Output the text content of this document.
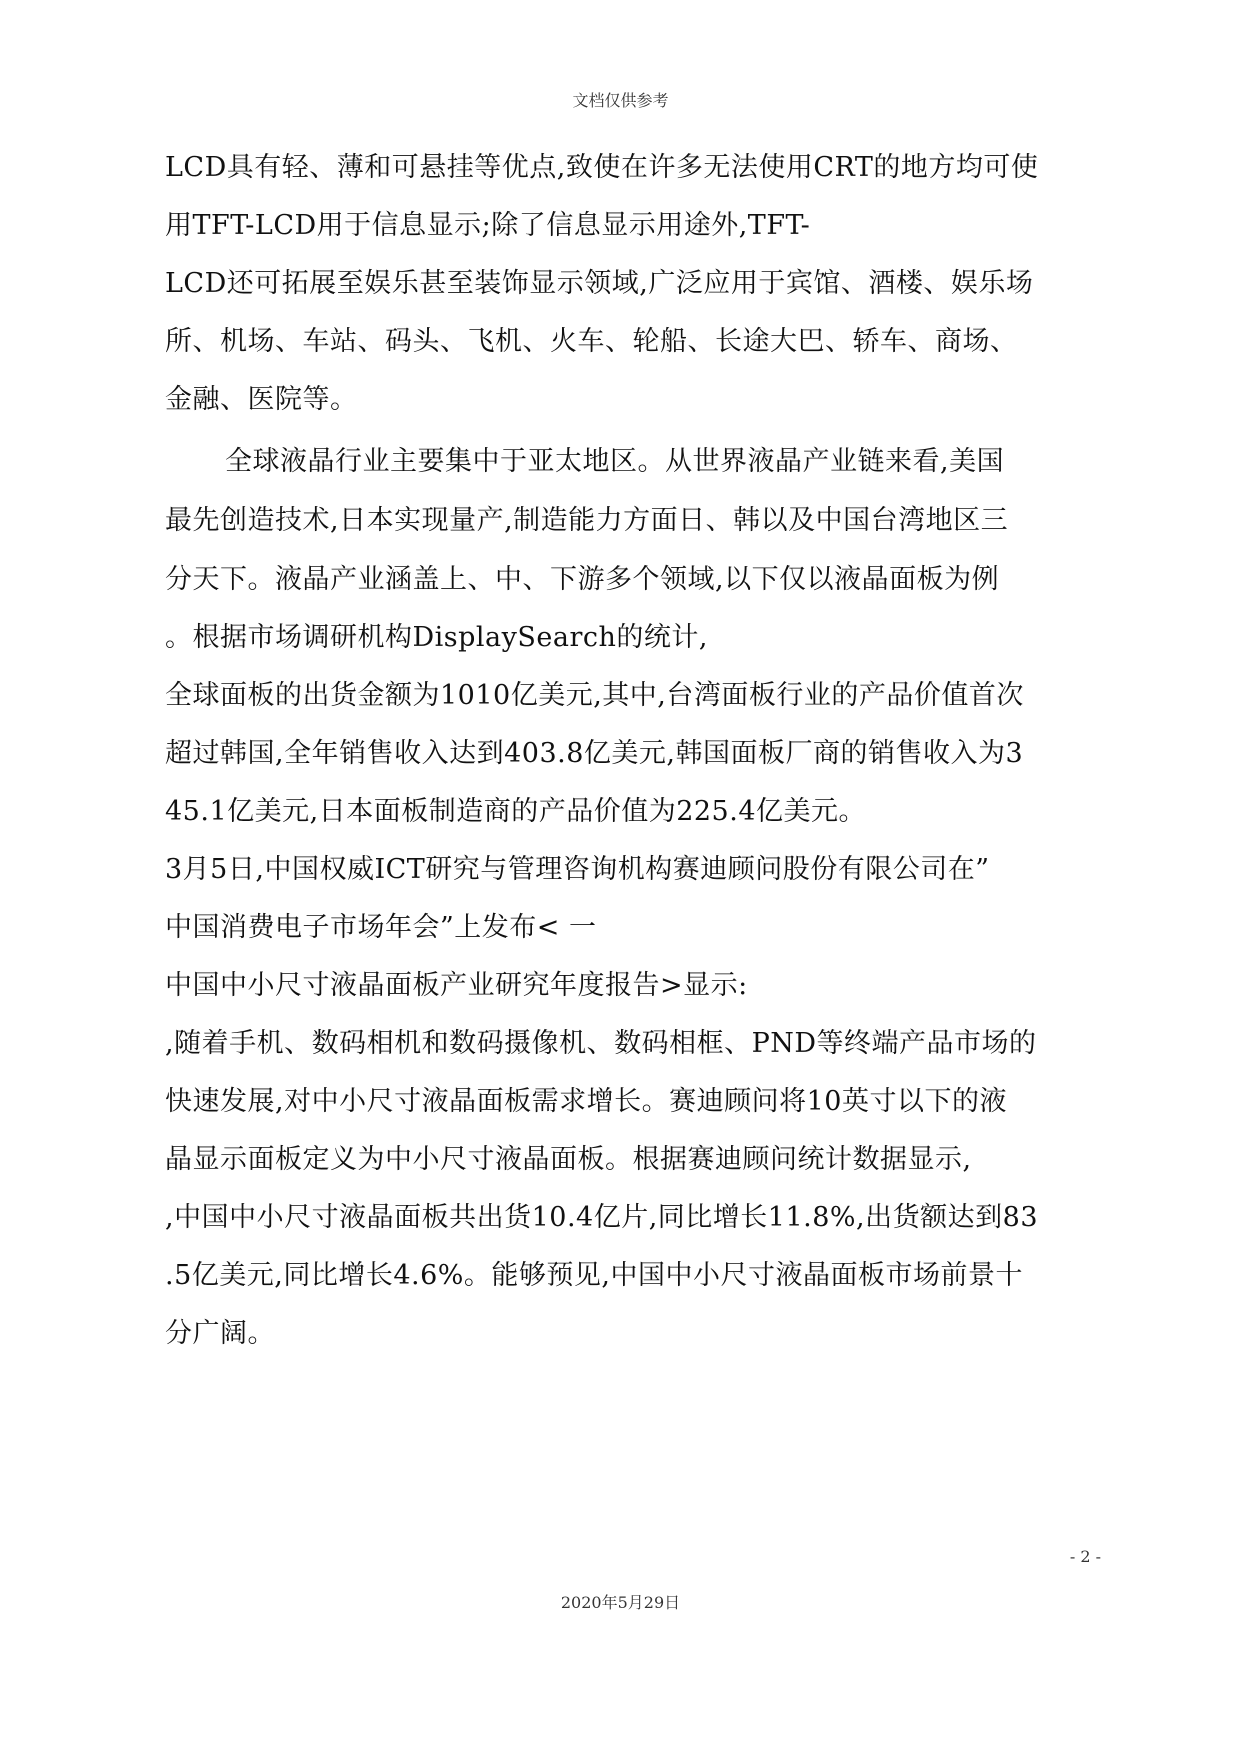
文档仅供参考
LCD具有轻、薄和可悬挂等优点,致使在许多无法使用CRT的地方均可使
用TFT-LCD用于信息显示;除了信息显示用途外,TFT-
LCD还可拓展至娱乐甚至装饰显示领域,广泛应用于宾馆、酒楼、娱乐场
所、机场、车站、码头、飞机、火车、轮船、长途大巴、轿车、商场、
金融、医院等。
全球液晶行业主要集中于亚太地区。从世界液晶产业链来看,美国
最先创造技术,日本实现量产,制造能力方面日、韩以及中国台湾地区三
分天下。液晶产业涵盖上、中、下游多个领域,以下仅以液晶面板为例
。根据市场调研机构DisplaySearch的统计,
全球面板的出货金额为1010亿美元,其中,台湾面板行业的产品价值首次
超过韩国,全年销售收入达到403.8亿美元,韩国面板厂商的销售收入为3
45.1亿美元,日本面板制造商的产品价值为225.4亿美元。
3月5日,中国权威ICT研究与管理咨询机构赛迪顾问股份有限公司在”
中国消费电子市场年会”上发布< 一
中国中小尺寸液晶面板产业研究年度报告>显示:
,随着手机、数码相机和数码摄像机、数码相框、PND等终端产品市场的
快速发展,对中小尺寸液晶面板需求增长。赛迪顾问将10英寸以下的液
晶显示面板定义为中小尺寸液晶面板。根据赛迪顾问统计数据显示,
,中国中小尺寸液晶面板共出货10.4亿片,同比增长11.8%,出货额达到83
.5亿美元,同比增长4.6%。能够预见,中国中小尺寸液晶面板市场前景十
分广阔。
- 2 -
2020年5月29日
